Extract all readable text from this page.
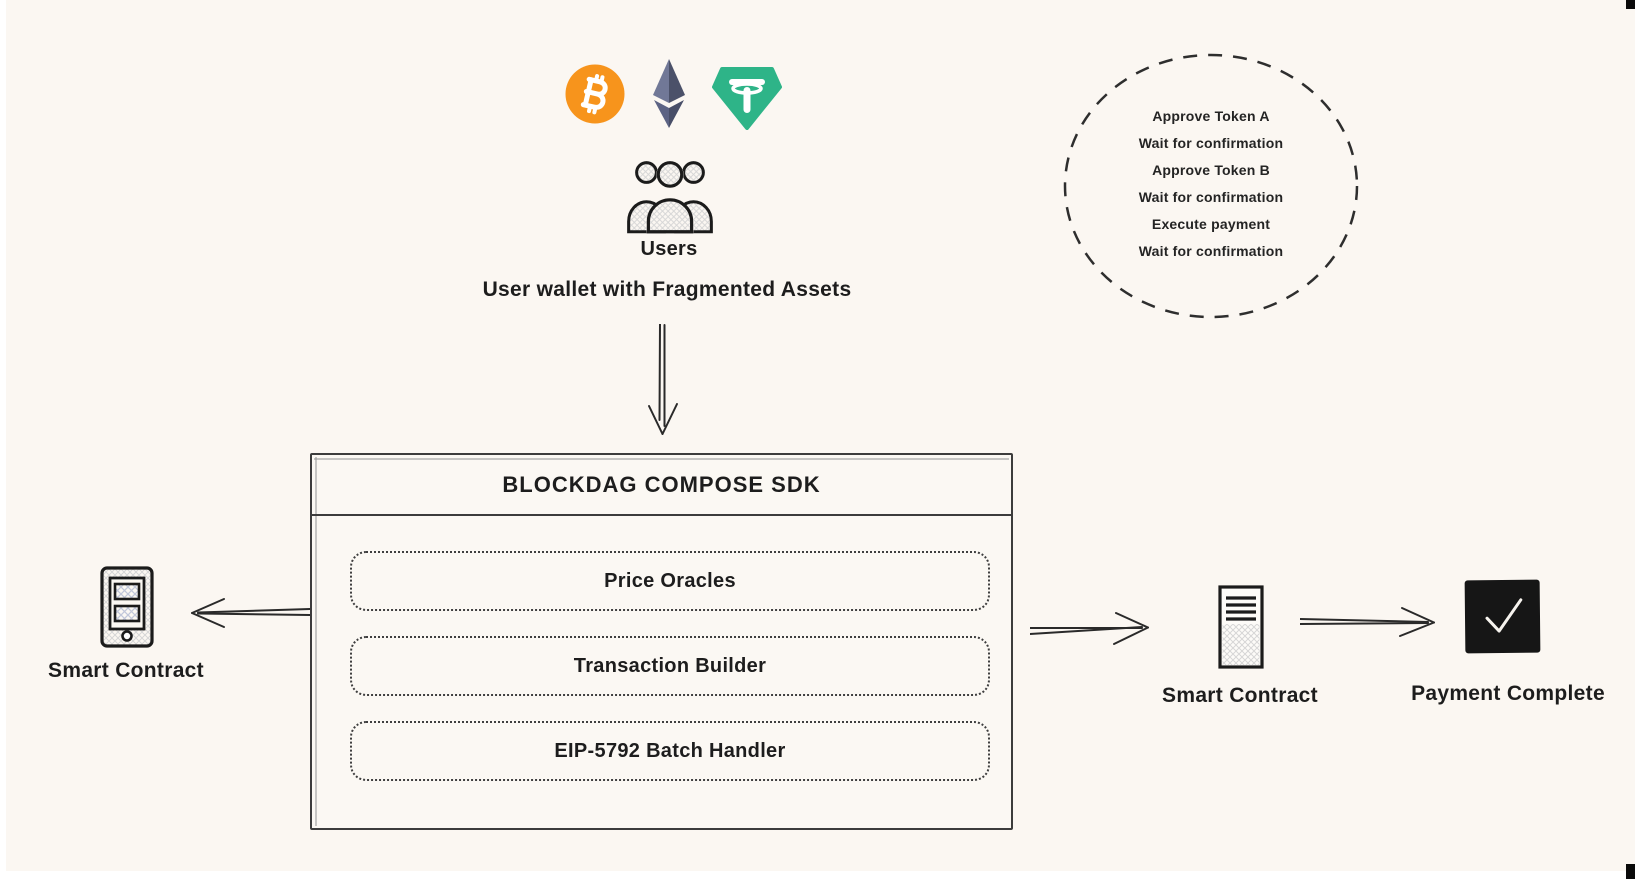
Users
User wallet with Fragmented Assets
Approve Token A
Wait for confirmation
Approve Token B
Wait for confirmation
Execute payment
Wait for confirmation
BLOCKDAG COMPOSE SDK
Price Oracles
Transaction Builder
EIP-5792 Batch Handler
Smart Contract
Smart Contract	Payment Complete
